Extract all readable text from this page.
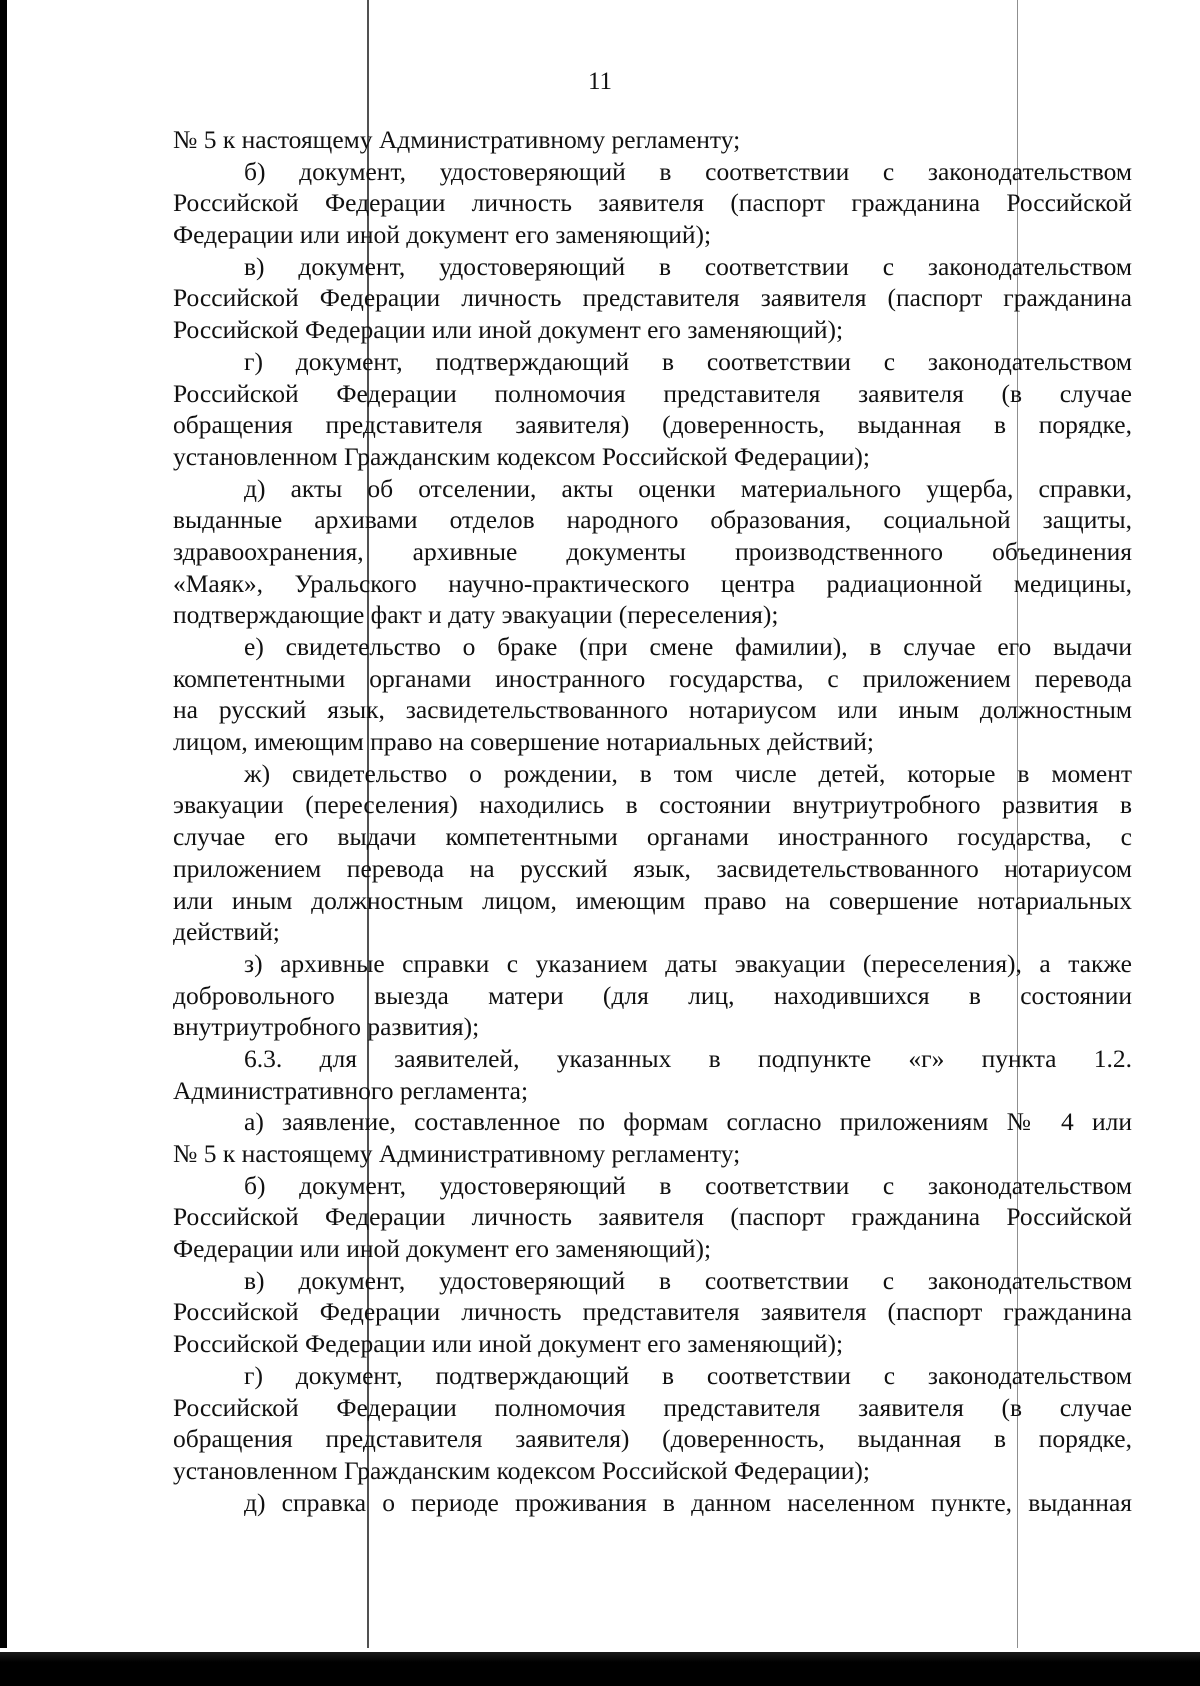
11
№ 5 к настоящему Административному регламенту;
б) документ, удостоверяющий в соответствии с законодательством
Российской Федерации личность заявителя (паспорт гражданина Российской
Федерации или иной документ его заменяющий);
в) документ, удостоверяющий в соответствии с законодательством
Российской Федерации личность представителя заявителя (паспорт гражданина
Российской Федерации или иной документ его заменяющий);
г) документ, подтверждающий в соответствии с законодательством
Российской Федерации полномочия представителя заявителя (в случае
обращения представителя заявителя) (доверенность, выданная в порядке,
установленном Гражданским кодексом Российской Федерации);
д) акты об отселении, акты оценки материального ущерба, справки,
выданные архивами отделов народного образования, социальной защиты,
здравоохранения, архивные документы производственного объединения
«Маяк», Уральского научно-практического центра радиационной медицины,
подтверждающие факт и дату эвакуации (переселения);
е) свидетельство о браке (при смене фамилии), в случае его выдачи
компетентными органами иностранного государства, с приложением перевода
на русский язык, засвидетельствованного нотариусом или иным должностным
лицом, имеющим право на совершение нотариальных действий;
ж) свидетельство о рождении, в том числе детей, которые в момент
эвакуации (переселения) находились в состоянии внутриутробного развития в
случае его выдачи компетентными органами иностранного государства, с
приложением перевода на русский язык, засвидетельствованного нотариусом
или иным должностным лицом, имеющим право на совершение нотариальных
действий;
з) архивные справки с указанием даты эвакуации (переселения), а также
добровольного выезда матери (для лиц, находившихся в состоянии
внутриутробного развития);
6.3. для заявителей, указанных в подпункте «г» пункта 1.2.
Административного регламента;
а) заявление, составленное по формам согласно приложениям № 4 или
№ 5 к настоящему Административному регламенту;
б) документ, удостоверяющий в соответствии с законодательством
Российской Федерации личность заявителя (паспорт гражданина Российской
Федерации или иной документ его заменяющий);
в) документ, удостоверяющий в соответствии с законодательством
Российской Федерации личность представителя заявителя (паспорт гражданина
Российской Федерации или иной документ его заменяющий);
г) документ, подтверждающий в соответствии с законодательством
Российской Федерации полномочия представителя заявителя (в случае
обращения представителя заявителя) (доверенность, выданная в порядке,
установленном Гражданским кодексом Российской Федерации);
д) справка о периоде проживания в данном населенном пункте, выданная
